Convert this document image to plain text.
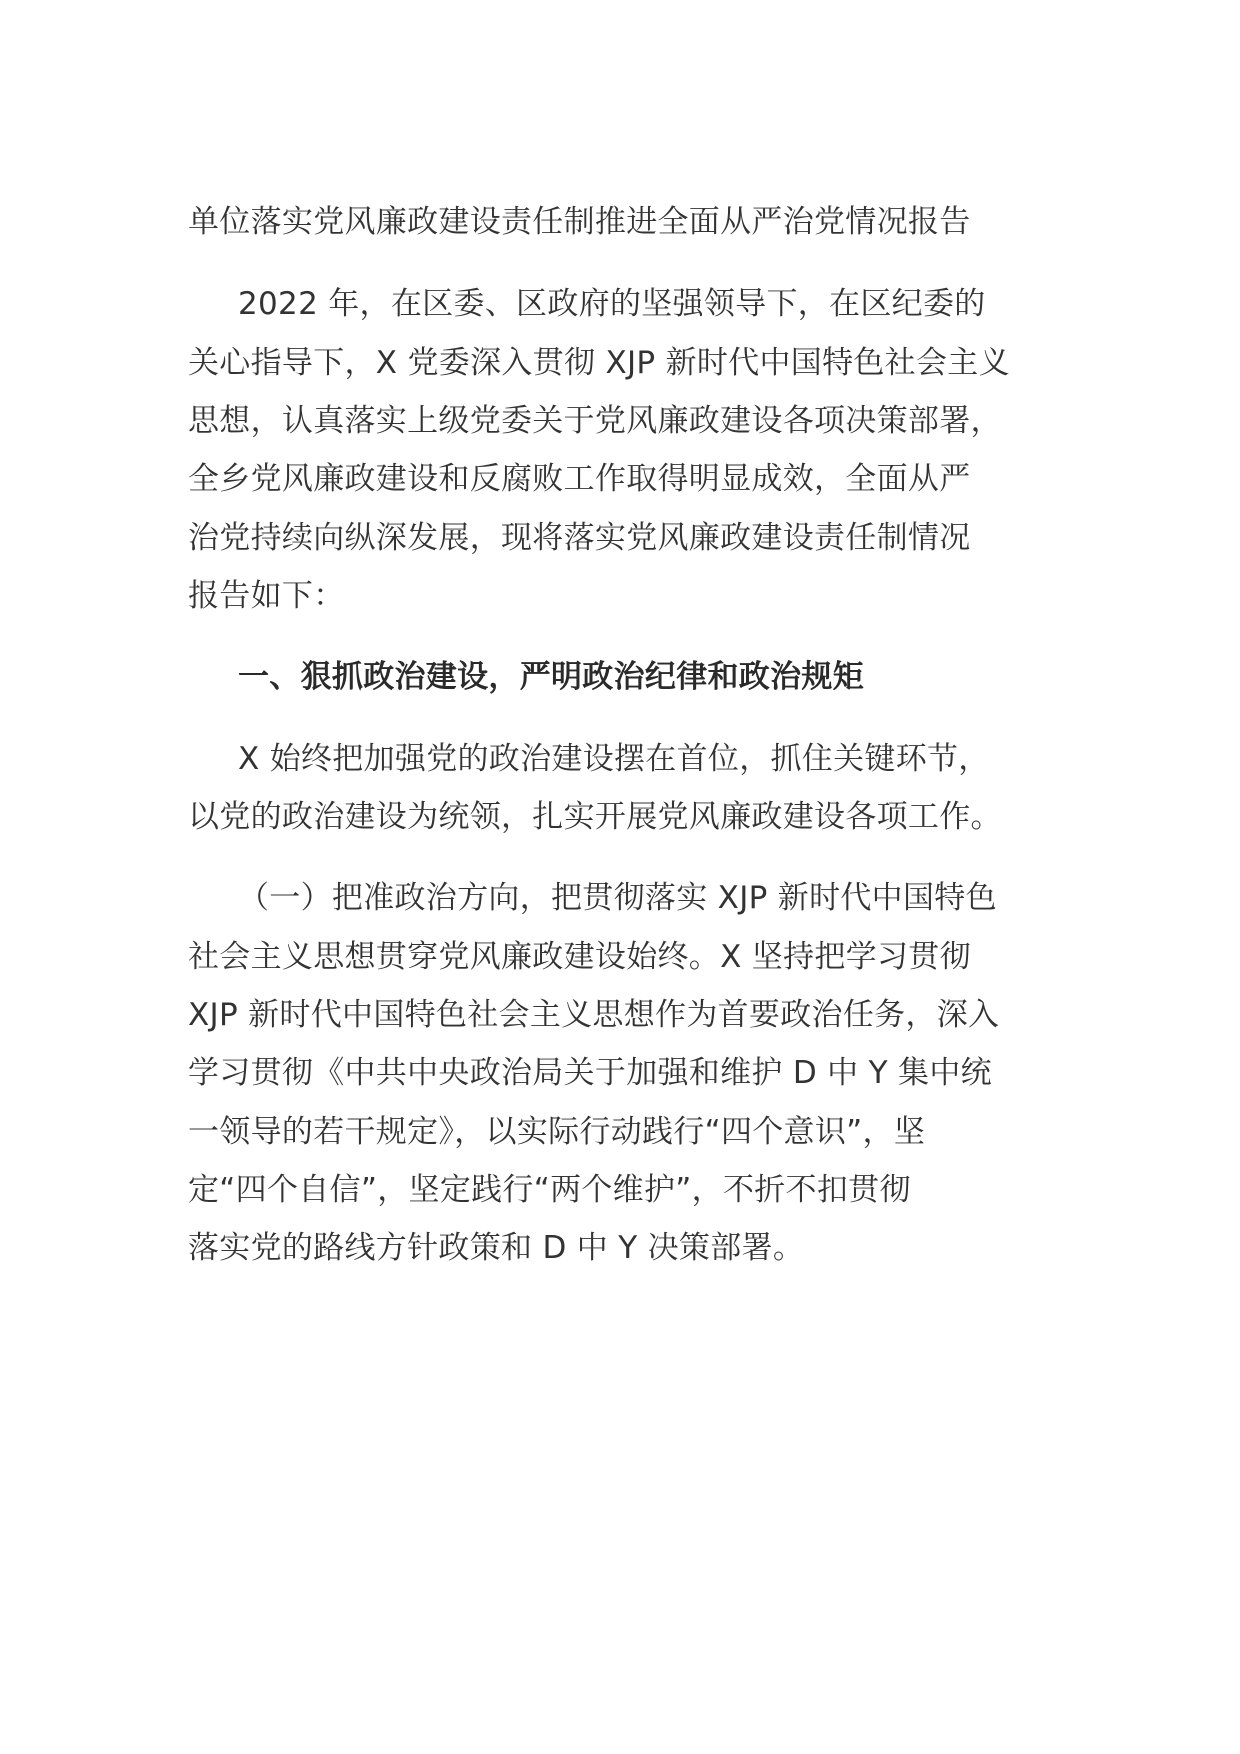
单位落实党风廉政建设责任制推进全面从严治党情况报告
2022 年，在区委、区政府的坚强领导下，在区纪委的
关心指导下，X 党委深入贯彻 XJP 新时代中国特色社会主义
思想，认真落实上级党委关于党风廉政建设各项决策部署，
全乡党风廉政建设和反腐败工作取得明显成效，全面从严
治党持续向纵深发展，现将落实党风廉政建设责任制情况
报告如下：
一、狠抓政治建设，严明政治纪律和政治规矩
X 始终把加强党的政治建设摆在首位，抓住关键环节，
以党的政治建设为统领，扎实开展党风廉政建设各项工作。
（一）把准政治方向，把贯彻落实 XJP 新时代中国特色
社会主义思想贯穿党风廉政建设始终。X 坚持把学习贯彻
XJP 新时代中国特色社会主义思想作为首要政治任务，深入
学习贯彻《中共中央政治局关于加强和维护 D 中 Y 集中统
一领导的若干规定》，以实际行动践行“四个意识”，坚
定“四个自信”，坚定践行“两个维护”，不折不扣贯彻
落实党的路线方针政策和 D 中 Y 决策部署。
